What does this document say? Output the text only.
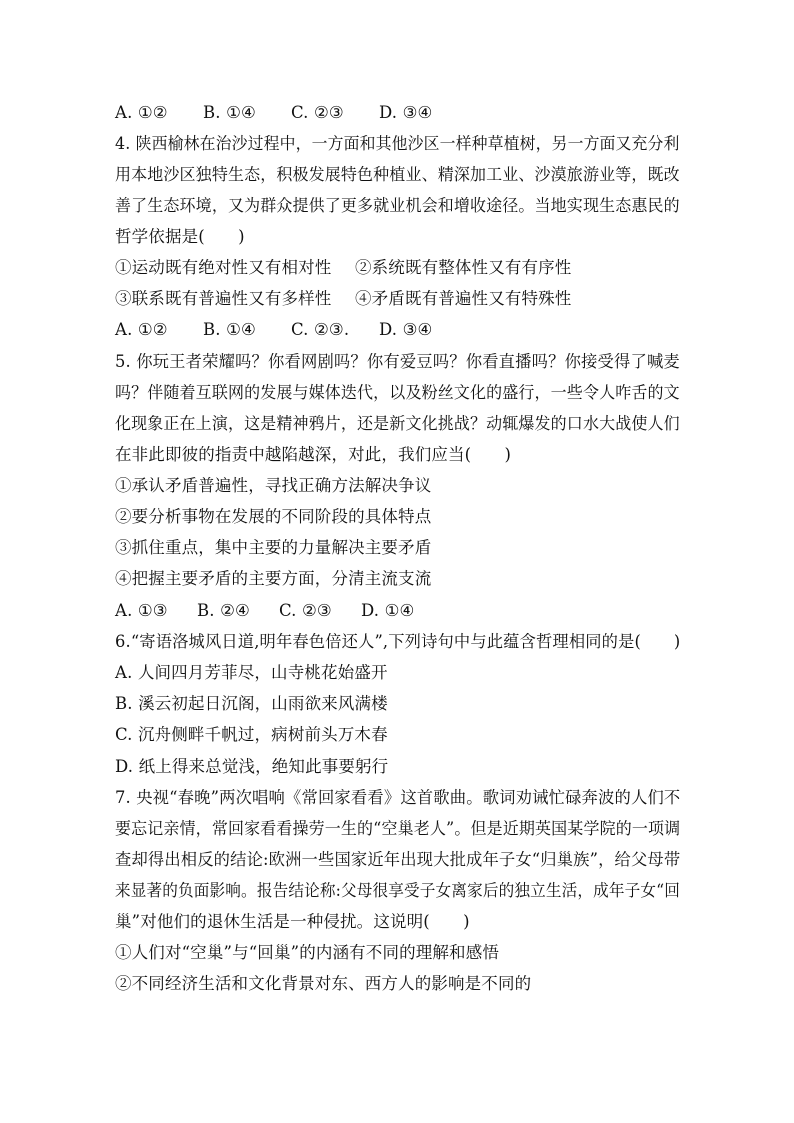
A. ①② B. ①④ C. ②③ D. ③④
4. 陕西榆林在治沙过程中，一方面和其他沙区一样种草植树，另一方面又充分利
用本地沙区独特生态，积极发展特色种植业、精深加工业、沙漠旅游业等，既改
善了生态环境，又为群众提供了更多就业机会和增收途径。当地实现生态惠民的
哲学依据是(　　)
①运动既有绝对性又有相对性 ②系统既有整体性又有有序性
③联系既有普遍性又有多样性 ④矛盾既有普遍性又有特殊性
A. ①② B. ①④ C. ②③. D. ③④
5. 你玩王者荣耀吗？你看网剧吗？你有爱豆吗？你看直播吗？你接受得了喊麦
吗？伴随着互联网的发展与媒体迭代，以及粉丝文化的盛行，一些令人咋舌的文
化现象正在上演，这是精神鸦片，还是新文化挑战？动辄爆发的口水大战使人们
在非此即彼的指责中越陷越深，对此，我们应当(　　)
①承认矛盾普遍性，寻找正确方法解决争议
②要分析事物在发展的不同阶段的具体特点
③抓住重点，集中主要的力量解决主要矛盾
④把握主要矛盾的主要方面，分清主流支流
A. ①③ B. ②④ C. ②③ D. ①④
6.“寄语洛城风日道,明年春色倍还人”,下列诗句中与此蕴含哲理相同的是(　　)
A. 人间四月芳菲尽，山寺桃花始盛开
B. 溪云初起日沉阁，山雨欲来风满楼
C. 沉舟侧畔千帆过，病树前头万木春
D. 纸上得来总觉浅，绝知此事要躬行
7. 央视“春晚”两次唱响《常回家看看》这首歌曲。歌词劝诫忙碌奔波的人们不
要忘记亲情，常回家看看操劳一生的“空巢老人”。但是近期英国某学院的一项调
查却得出相反的结论:欧洲一些国家近年出现大批成年子女“归巢族”，给父母带
来显著的负面影响。报告结论称:父母很享受子女离家后的独立生活，成年子女“回
巢”对他们的退休生活是一种侵扰。这说明(　　)
①人们对“空巢”与“回巢”的内涵有不同的理解和感悟
②不同经济生活和文化背景对东、西方人的影响是不同的
